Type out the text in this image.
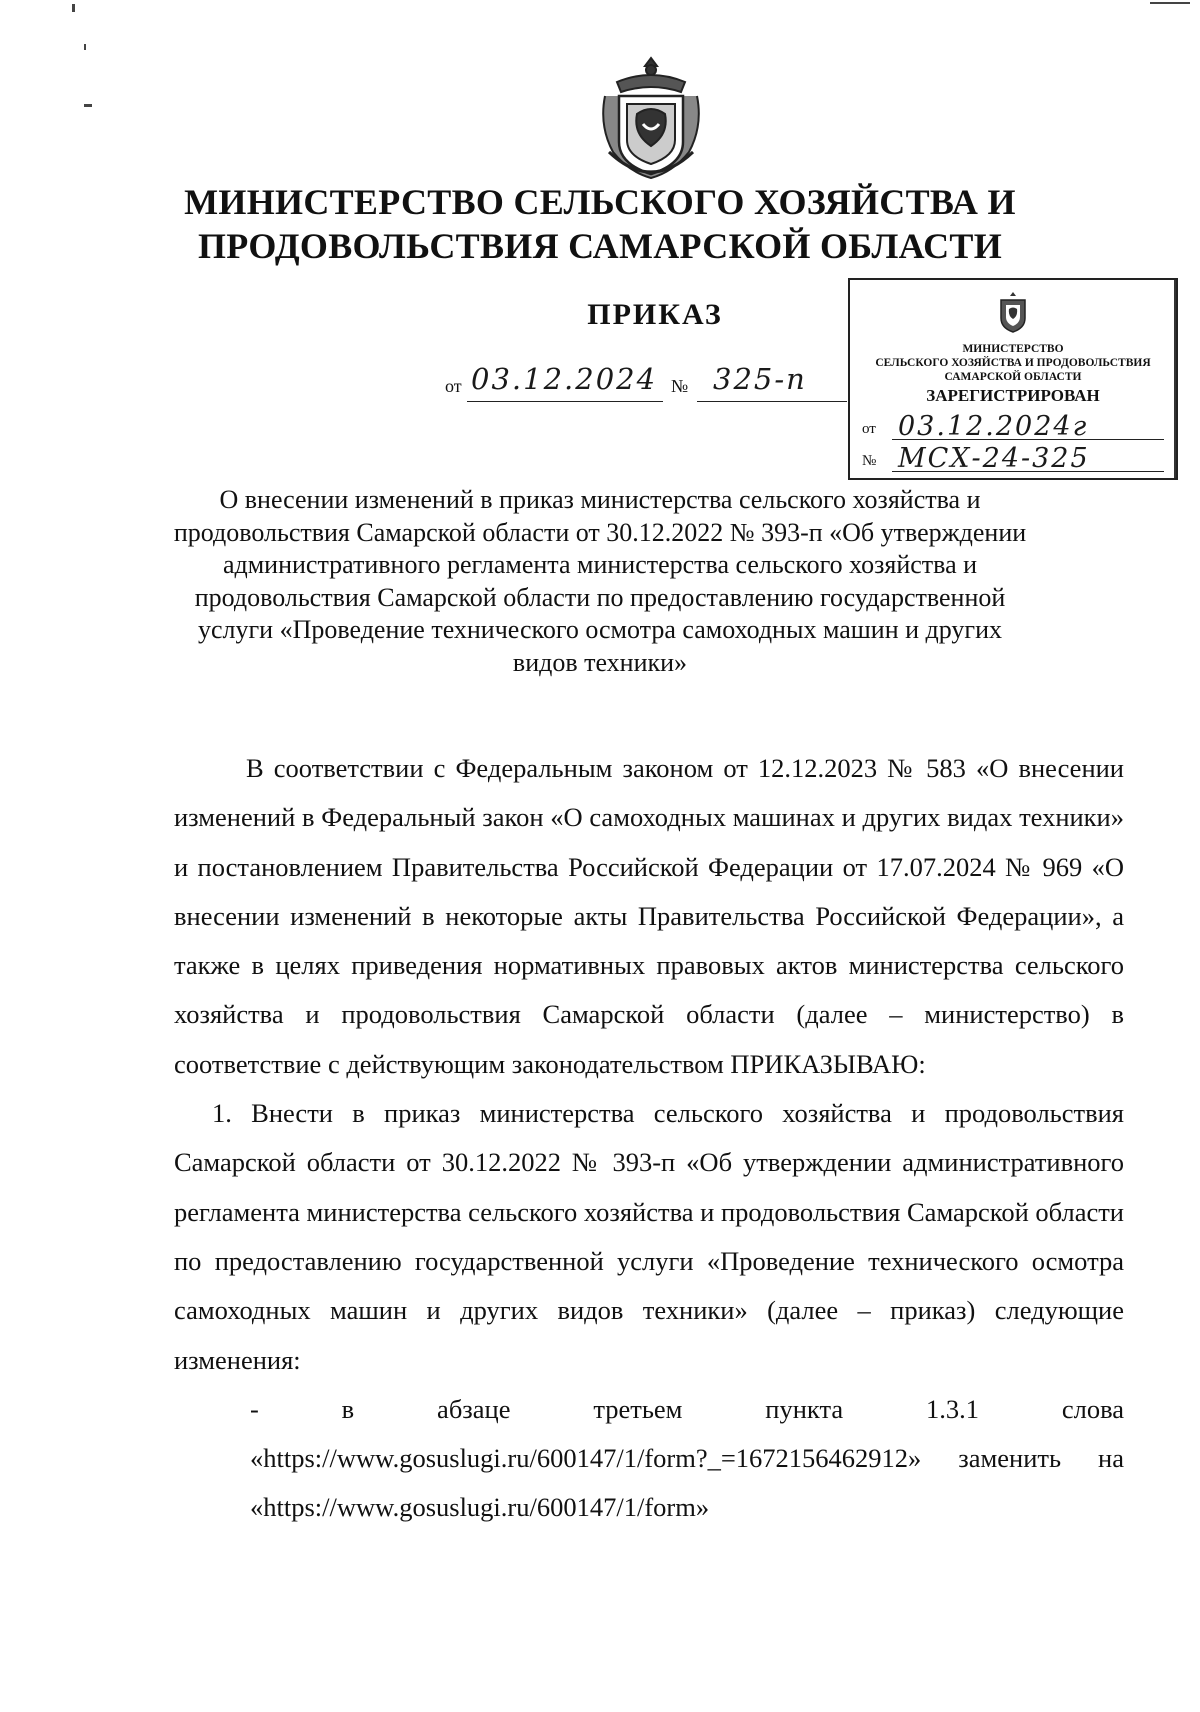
МИНИСТЕРСТВО СЕЛЬСКОГО ХОЗЯЙСТВА И
ПРОДОВОЛЬСТВИЯ САМАРСКОЙ ОБЛАСТИ
ПРИКАЗ
от 03.12.2024 № 325-п
МИНИСТЕРСТВО
СЕЛЬСКОГО ХОЗЯЙСТВА И ПРОДОВОЛЬСТВИЯ
САМАРСКОЙ ОБЛАСТИ
ЗАРЕГИСТРИРОВАН
от 03.12.2024г
№ МСХ-24-325
О внесении изменений в приказ министерства сельского хозяйства и
продовольствия Самарской области от 30.12.2022 № 393-п «Об утверждении
административного регламента министерства сельского хозяйства и
продовольствия Самарской области по предоставлению государственной
услуги «Проведение технического осмотра самоходных машин и других
видов техники»

В соответствии с Федеральным законом от 12.12.2023 № 583 «О внесении изменений в Федеральный закон «О самоходных машинах и других видах техники» и постановлением Правительства Российской Федерации от 17.07.2024 № 969 «О внесении изменений в некоторые акты Правительства Российской Федерации», а также в целях приведения нормативных правовых актов министерства сельского хозяйства и продовольствия Самарской области (далее – министерство) в соответствие с действующим законодательством ПРИКАЗЫВАЮ:

1. Внести в приказ министерства сельского хозяйства и продовольствия Самарской области от 30.12.2022 № 393-п «Об утверждении административного регламента министерства сельского хозяйства и продовольствия Самарской области по предоставлению государственной услуги «Проведение технического осмотра самоходных машин и других видов техники» (далее – приказ) следующие изменения:

- в абзаце третьем пункта 1.3.1 слова «https://www.gosuslugi.ru/600147/1/form?_=1672156462912» заменить на «https://www.gosuslugi.ru/600147/1/form»
